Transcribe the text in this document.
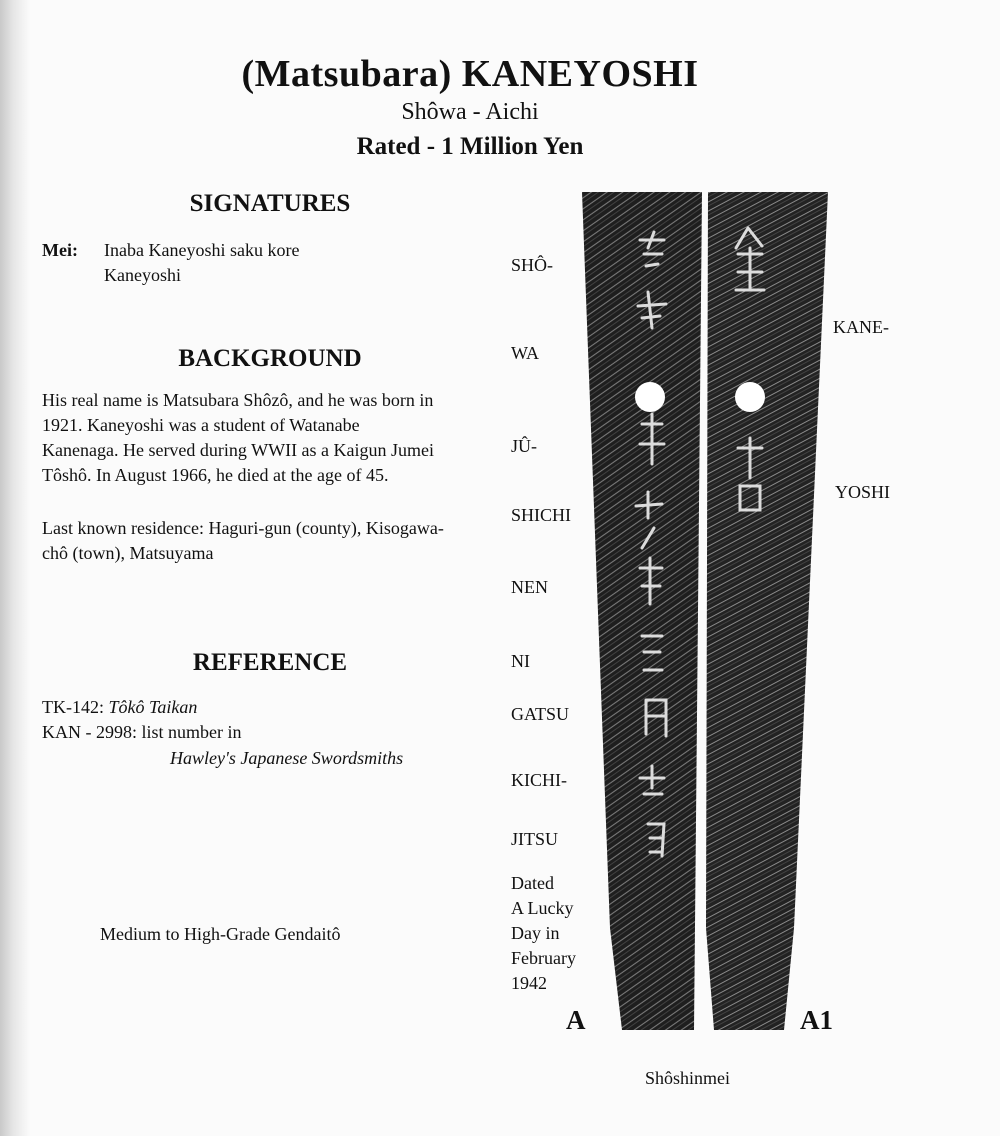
(Matsubara) KANEYOSHI
Shôwa - Aichi
Rated - 1 Million Yen
SIGNATURES
Mei: Inaba Kaneyoshi saku kore
Kaneyoshi
BACKGROUND
His real name is Matsubara Shôzô, and he was born in
1921. Kaneyoshi was a student of Watanabe
Kanenaga. He served during WWII as a Kaigun Jumei
Tôshô. In August 1966, he died at the age of 45.
Last known residence: Haguri-gun (county), Kisogawa-
chô (town), Matsuyama
REFERENCE
TK-142: Tôkô Taikan
KAN - 2998: list number in
Hawley's Japanese Swordsmiths
Medium to High-Grade Gendaitô
SHÔ-
WA
JÛ-
SHICHI
NEN
NI
GATSU
KICHI-
JITSU
Dated
A Lucky
Day in
February
1942
KANE-
YOSHI
A	A1
Shôshinmei
